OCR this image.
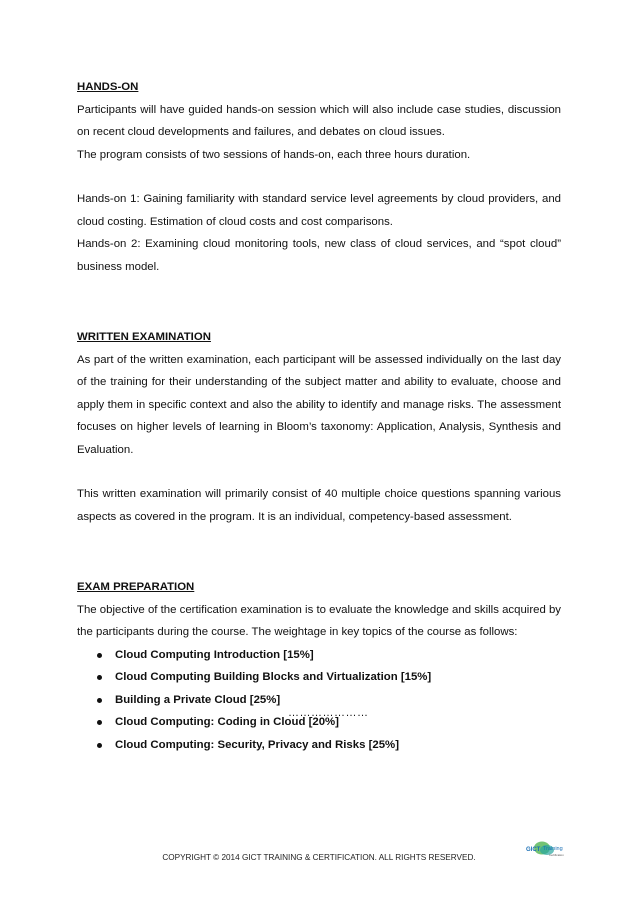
HANDS-ON

Participants will have guided hands-on session which will also include case studies, discussion on recent cloud developments and failures, and debates on cloud issues.

The program consists of two sessions of hands-on, each three hours duration.

Hands-on 1: Gaining familiarity with standard service level agreements by cloud providers, and cloud costing. Estimation of cloud costs and cost comparisons.

Hands-on 2: Examining cloud monitoring tools, new class of cloud services, and “spot cloud” business model.

WRITTEN EXAMINATION

As part of the written examination, each participant will be assessed individually on the last day of the training for their understanding of the subject matter and ability to evaluate, choose and apply them in specific context and also the ability to identify and manage risks. The assessment focuses on higher levels of learning in Bloom’s taxonomy: Application, Analysis, Synthesis and Evaluation.

This written examination will primarily consist of 40 multiple choice questions spanning various aspects as covered in the program. It is an individual, competency-based assessment.

EXAM PREPARATION

The objective of the certification examination is to evaluate the knowledge and skills acquired by the participants during the course. The weightage in key topics of the course as follows:

Cloud Computing Introduction [15%]
Cloud Computing Building Blocks and Virtualization [15%]
Building a Private Cloud [25%]
Cloud Computing: Coding in Cloud [20%]
Cloud Computing: Security, Privacy and Risks [25%]
…………………
GICT Training
Certification
COPYRIGHT © 2014 GICT TRAINING & CERTIFICATION. ALL RIGHTS RESERVED.
